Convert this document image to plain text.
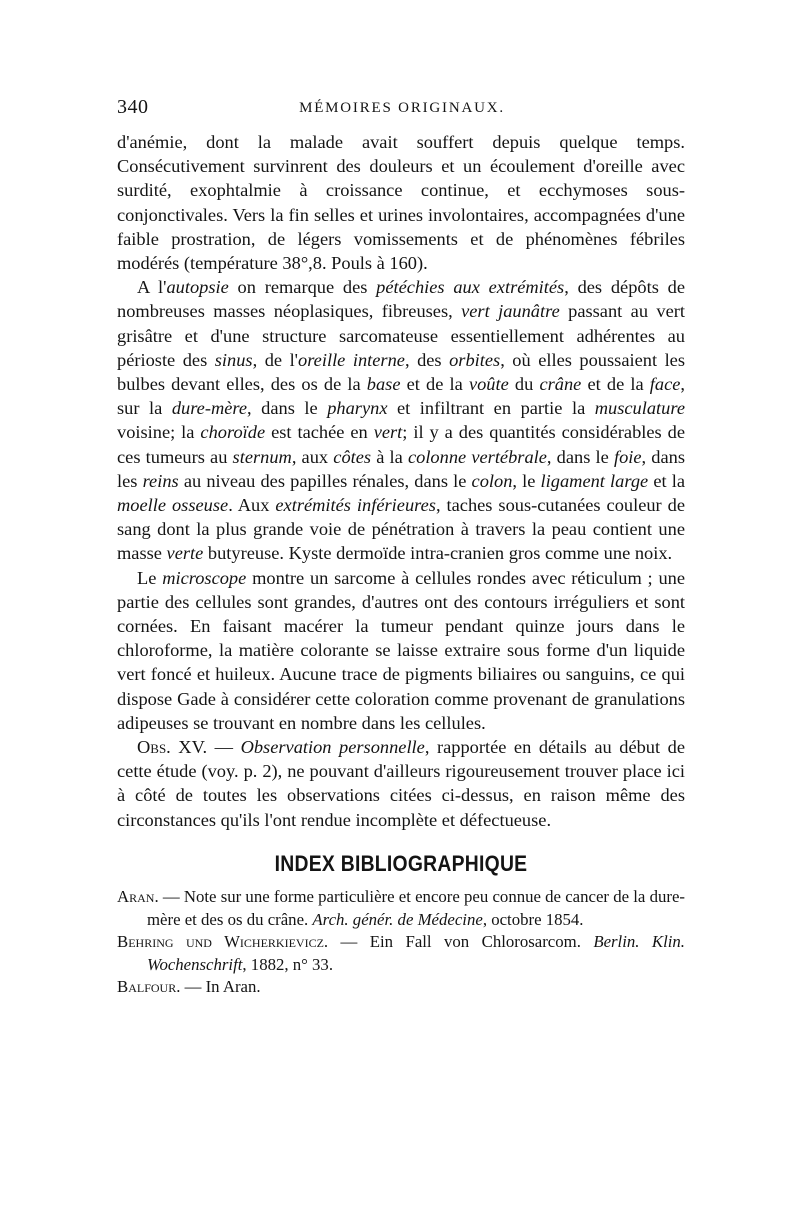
340	MÉMOIRES ORIGINAUX.

d'anémie, dont la malade avait souffert depuis quelque temps. Consécutivement survinrent des douleurs et un écoulement d'oreille avec surdité, exophtalmie à croissance continue, et ecchymoses sous-conjonctivales. Vers la fin selles et urines involontaires, accompagnées d'une faible prostration, de légers vomissements et de phénomènes fébriles modérés (température 38°,8. Pouls à 160).

A l'autopsie on remarque des pétéchies aux extrémités, des dépôts de nombreuses masses néoplasiques, fibreuses, vert jaunâtre passant au vert grisâtre et d'une structure sarcomateuse essentiellement adhérentes au périoste des sinus, de l'oreille interne, des orbites, où elles poussaient les bulbes devant elles, des os de la base et de la voûte du crâne et de la face, sur la dure-mère, dans le pharynx et infiltrant en partie la musculature voisine; la choroïde est tachée en vert; il y a des quantités considérables de ces tumeurs au sternum, aux côtes à la colonne vertébrale, dans le foie, dans les reins au niveau des papilles rénales, dans le colon, le ligament large et la moelle osseuse. Aux extrémités inférieures, taches sous-cutanées couleur de sang dont la plus grande voie de pénétration à travers la peau contient une masse verte butyreuse. Kyste dermoïde intra-cranien gros comme une noix.

Le microscope montre un sarcome à cellules rondes avec réticulum ; une partie des cellules sont grandes, d'autres ont des contours irréguliers et sont cornées. En faisant macérer la tumeur pendant quinze jours dans le chloroforme, la matière colorante se laisse extraire sous forme d'un liquide vert foncé et huileux. Aucune trace de pigments biliaires ou sanguins, ce qui dispose Gade à considérer cette coloration comme provenant de granulations adipeuses se trouvant en nombre dans les cellules.

Obs. XV. — Observation personnelle, rapportée en détails au début de cette étude (voy. p. 2), ne pouvant d'ailleurs rigoureusement trouver place ici à côté de toutes les observations citées ci-dessus, en raison même des circonstances qu'ils l'ont rendue incomplète et défectueuse.

INDEX BIBLIOGRAPHIQUE

Aran. — Note sur une forme particulière et encore peu connue de cancer de la dure-mère et des os du crâne. Arch. génér. de Médecine, octobre 1854.

Behring und Wicherkievicz. — Ein Fall von Chlorosarcom. Berlin. Klin. Wochenschrift, 1882, n° 33.

Balfour. — In Aran.
